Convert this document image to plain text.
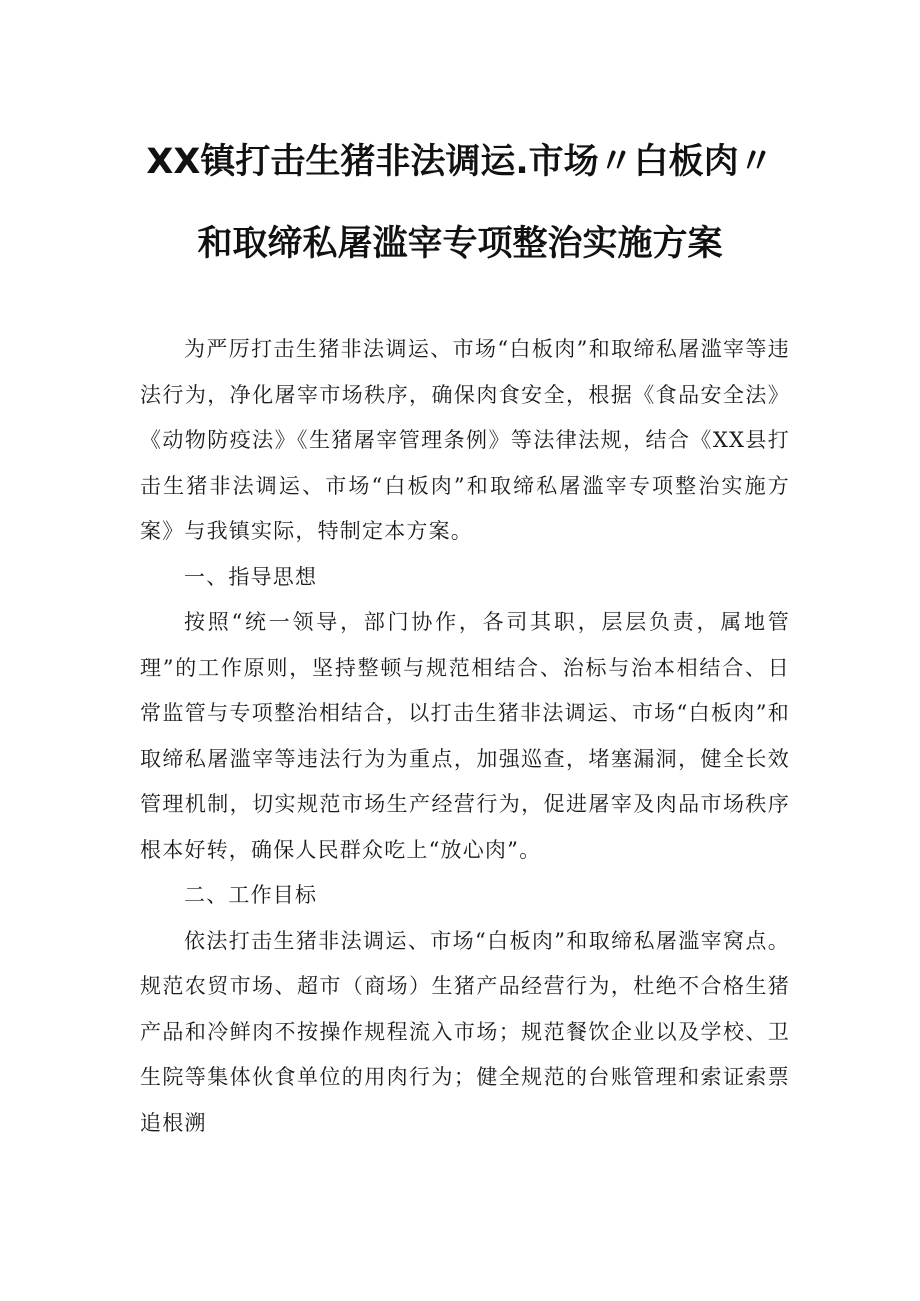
XX镇打击生猪非法调运.市场〃白板肉〃
和取缔私屠滥宰专项整治实施方案

为严厉打击生猪非法调运、市场“白板肉”和取缔私屠滥宰等违法行为，净化屠宰市场秩序，确保肉食安全，根据《食品安全法》《动物防疫法》《生猪屠宰管理条例》等法律法规，结合《XX县打击生猪非法调运、市场“白板肉”和取缔私屠滥宰专项整治实施方案》与我镇实际，特制定本方案。

一、指导思想

按照“统一领导，部门协作，各司其职，层层负责，属地管理”的工作原则，坚持整顿与规范相结合、治标与治本相结合、日常监管与专项整治相结合，以打击生猪非法调运、市场“白板肉”和取缔私屠滥宰等违法行为为重点，加强巡查，堵塞漏洞，健全长效管理机制，切实规范市场生产经营行为，促进屠宰及肉品市场秩序根本好转，确保人民群众吃上“放心肉”。

二、工作目标

依法打击生猪非法调运、市场“白板肉”和取缔私屠滥宰窝点。规范农贸市场、超市（商场）生猪产品经营行为，杜绝不合格生猪产品和冷鲜肉不按操作规程流入市场；规范餐饮企业以及学校、卫生院等集体伙食单位的用肉行为；健全规范的台账管理和索证索票追根溯
